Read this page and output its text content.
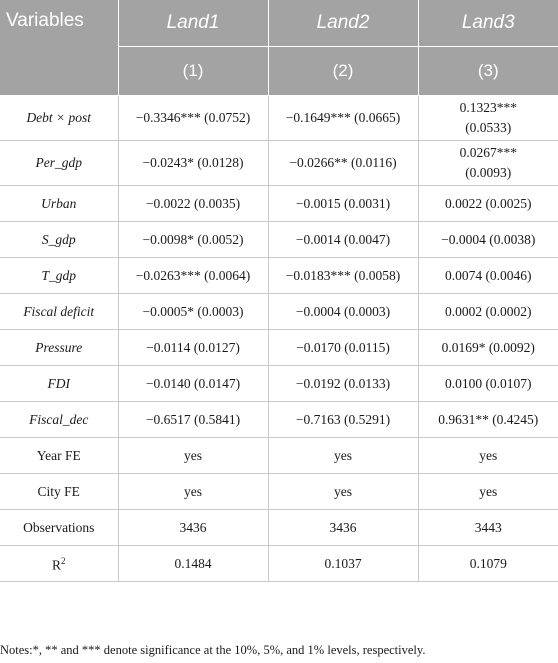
Variables	Land1	Land2	Land3
	(1)	(2)	(3)
Debt × post	−0.3346*** (0.0752)	−0.1649*** (0.0665)	0.1323*** (0.0533)
Per_gdp	−0.0243* (0.0128)	−0.0266** (0.0116)	0.0267*** (0.0093)
Urban	−0.0022 (0.0035)	−0.0015 (0.0031)	0.0022 (0.0025)
S_gdp	−0.0098* (0.0052)	−0.0014 (0.0047)	−0.0004 (0.0038)
T_gdp	−0.0263*** (0.0064)	−0.0183*** (0.0058)	0.0074 (0.0046)
Fiscal deficit	−0.0005* (0.0003)	−0.0004 (0.0003)	0.0002 (0.0002)
Pressure	−0.0114 (0.0127)	−0.0170 (0.0115)	0.0169* (0.0092)
FDI	−0.0140 (0.0147)	−0.0192 (0.0133)	0.0100 (0.0107)
Fiscal_dec	−0.6517 (0.5841)	−0.7163 (0.5291)	0.9631** (0.4245)
Year FE	yes	yes	yes
City FE	yes	yes	yes
Observations	3436	3436	3443
$R^2$	0.1484	0.1037	0.1079
Notes:*, ** and *** denote significance at the 10%, 5%, and 1% levels, respectively.
